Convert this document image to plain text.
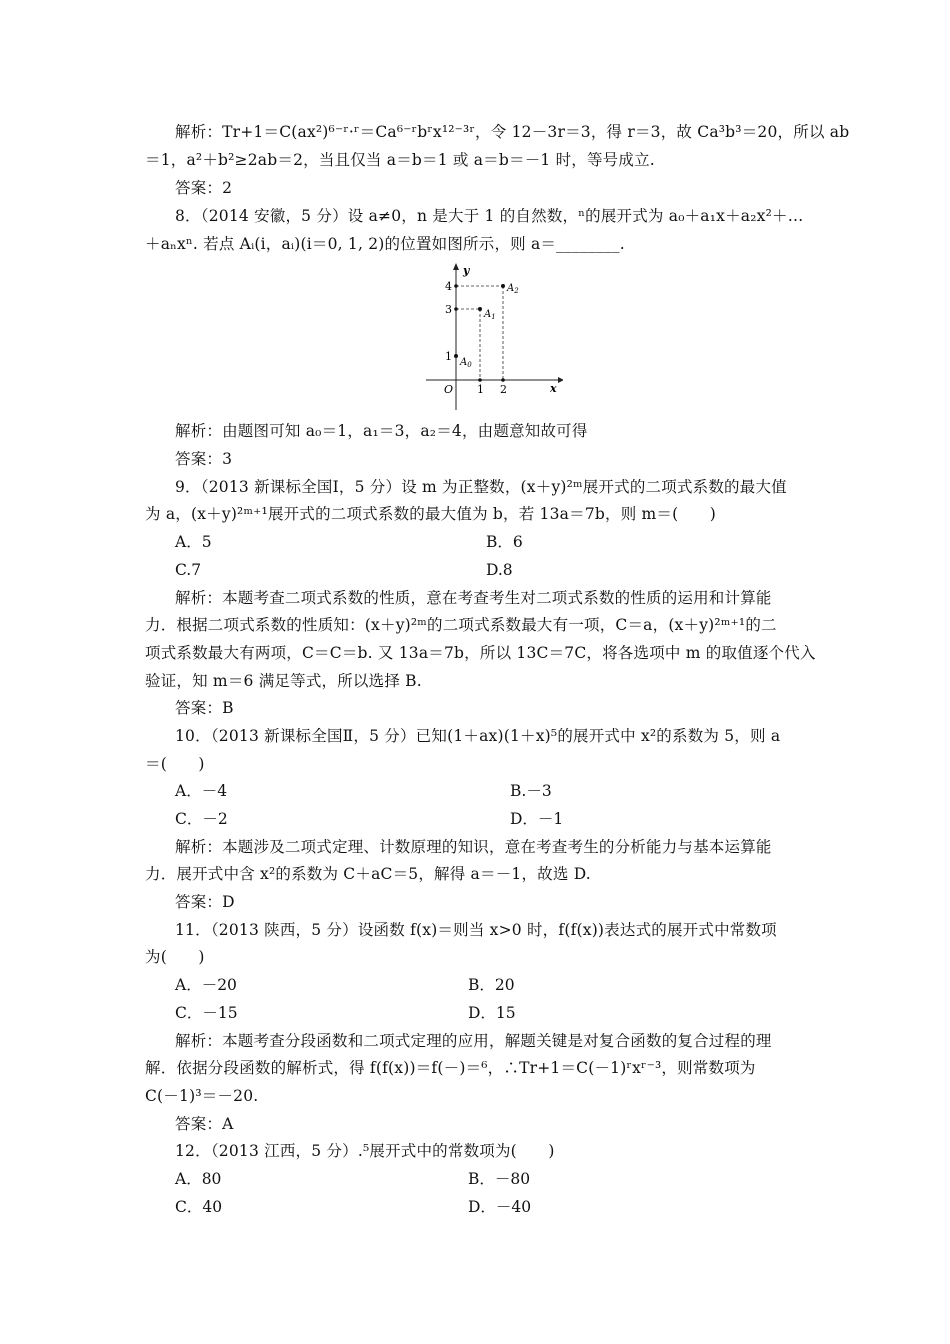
解析：Tr+1＝C(ax²)⁶⁻ʳ·ʳ＝Ca⁶⁻ʳbʳx¹²⁻³ʳ，令 12－3r＝3，得 r＝3，故 Ca³b³＝20，所以 ab
＝1，a²＋b²≥2ab＝2，当且仅当 a＝b＝1 或 a＝b＝－1 时，等号成立.
答案：2
8．（2014 安徽，5 分）设 a≠0，n 是大于 1 的自然数，ⁿ的展开式为 a₀＋a₁x＋a₂x²＋…
＋aₙxⁿ. 若点 Aᵢ(i，aᵢ)(i＝0, 1, 2)的位置如图所示，则 a＝________.
y
x
O
1
3
4
1 2
$A_0$
$A_1$
$A_2$
解析：由题图可知 a₀＝1，a₁＝3，a₂＝4，由题意知故可得
答案：3
9．（2013 新课标全国Ⅰ，5 分）设 m 为正整数，(x＋y)²ᵐ展开式的二项式系数的最大值
为 a，(x＋y)²ᵐ⁺¹展开式的二项式系数的最大值为 b，若 13a＝7b，则 m＝(　　)
A．5	B．6
C.7	D.8
解析：本题考查二项式系数的性质，意在考查考生对二项式系数的性质的运用和计算能
力．根据二项式系数的性质知：(x＋y)²ᵐ的二项式系数最大有一项，C＝a，(x＋y)²ᵐ⁺¹的二
项式系数最大有两项，C＝C＝b. 又 13a＝7b，所以 13C＝7C，将各选项中 m 的取值逐个代入
验证，知 m＝6 满足等式，所以选择 B.
答案：B
10．（2013 新课标全国Ⅱ，5 分）已知(1＋ax)(1＋x)⁵的展开式中 x²的系数为 5，则 a
＝(　　)
A．－4	B.－3
C．－2	D．－1
解析：本题涉及二项式定理、计数原理的知识，意在考查考生的分析能力与基本运算能
力．展开式中含 x²的系数为 C＋aC＝5，解得 a＝－1，故选 D.
答案：D
11．（2013 陕西，5 分）设函数 f(x)＝则当 x>0 时，f(f(x))表达式的展开式中常数项
为(　　)
A．－20	B．20
C．－15	D．15
解析：本题考查分段函数和二项式定理的应用，解题关键是对复合函数的复合过程的理
解．依据分段函数的解析式，得 f(f(x))＝f(－)＝⁶，∴Tr+1＝C(－1)ʳxʳ⁻³，则常数项为
C(－1)³＝－20.
答案：A
12．（2013 江西，5 分）.⁵展开式中的常数项为(　　)
A．80	B．－80
C．40	D．－40
